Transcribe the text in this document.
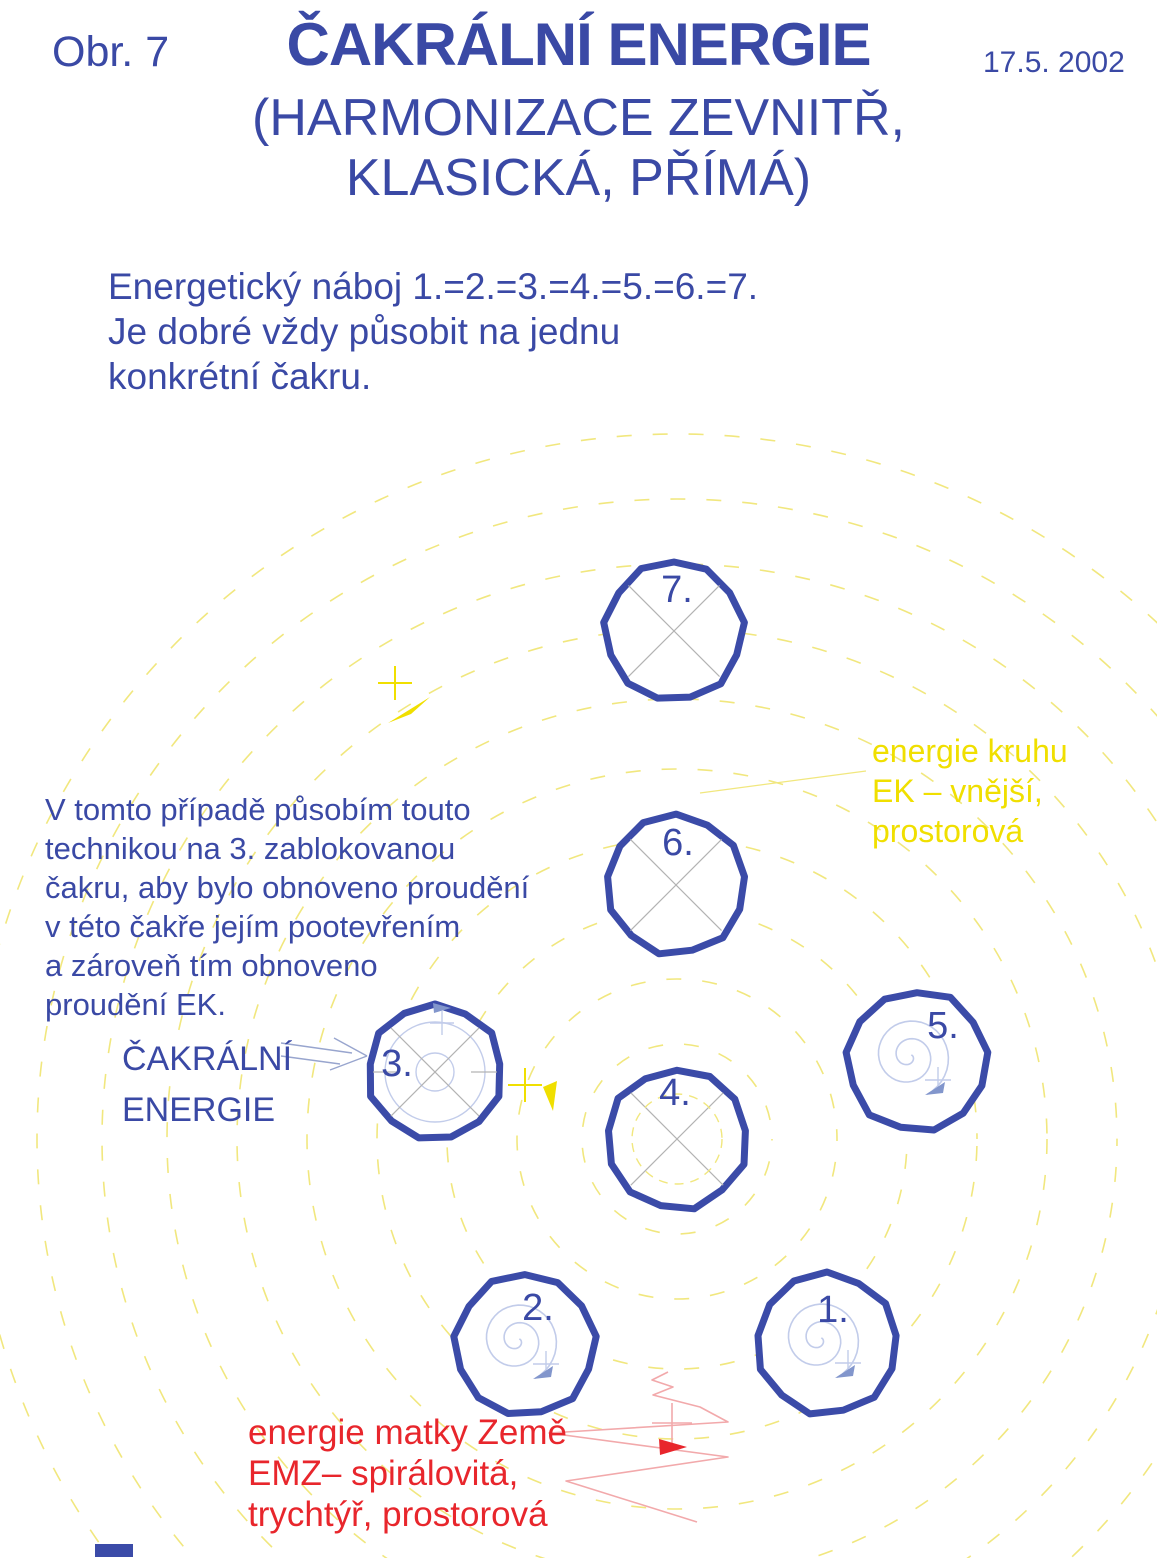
7.
6.
3.
4.
5.
2.	1.
Obr. 7	ČAKRÁLNÍ ENERGIE	17.5. 2002
(HARMONIZACE ZEVNITŘ,
KLASICKÁ, PŘÍMÁ)
Energetický náboj 1.=2.=3.=4.=5.=6.=7.
Je dobré vždy působit na jednu
konkrétní čakru.
V tomto případě působím touto
technikou na 3. zablokovanou
čakru, aby bylo obnoveno proudění
v této čakře jejím pootevřením
a zároveň tím obnoveno
proudění EK.
ČAKRÁLNÍ
ENERGIE
energie kruhu
EK – vnější,
prostorová
energie matky Země
EMZ– spirálovitá,
trychtýř, prostorová
